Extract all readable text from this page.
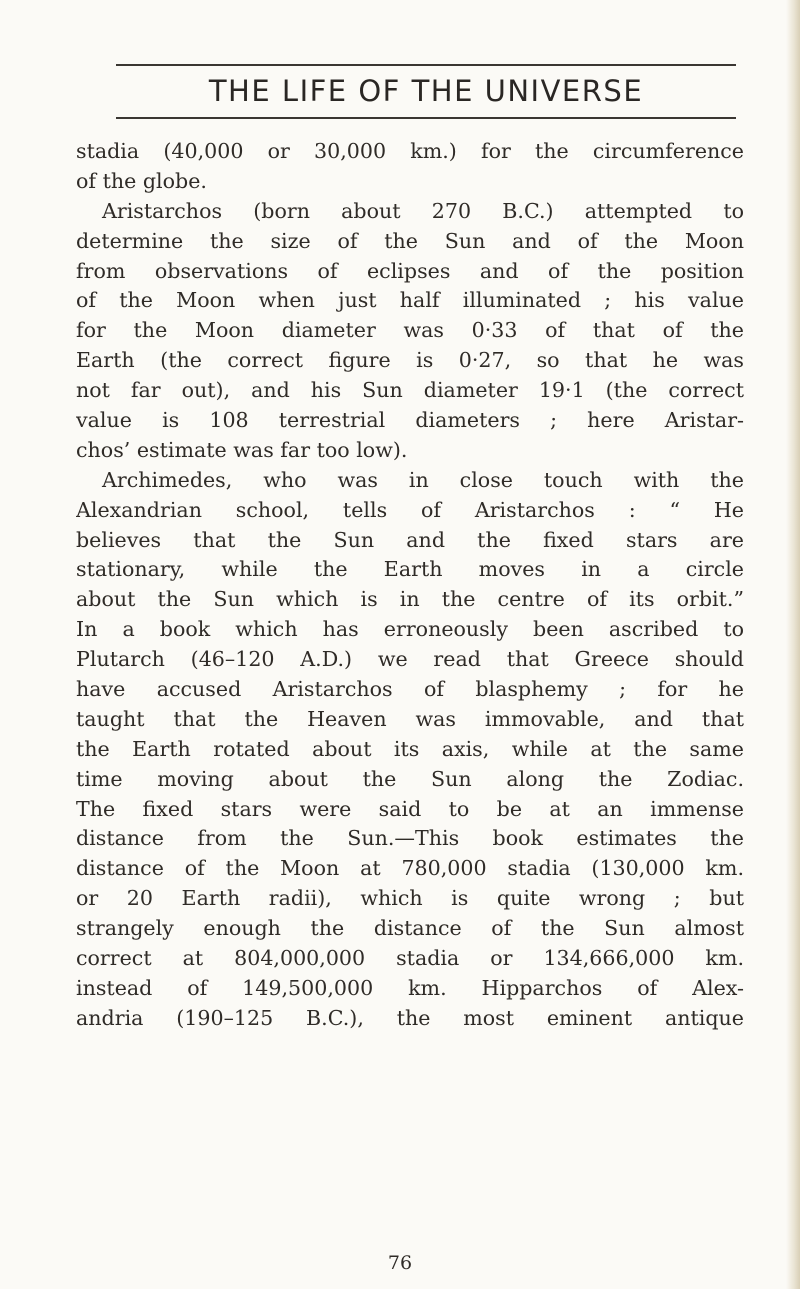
THE LIFE OF THE UNIVERSE
stadia (40,000 or 30,000 km.) for the circumference
of the globe.
Aristarchos (born about 270 B.C.) attempted to
determine the size of the Sun and of the Moon
from observations of eclipses and of the position
of the Moon when just half illuminated ; his value
for the Moon diameter was 0·33 of that of the
Earth (the correct figure is 0·27, so that he was
not far out), and his Sun diameter 19·1 (the correct
value is 108 terrestrial diameters ; here Aristar-
chos’ estimate was far too low).
Archimedes, who was in close touch with the
Alexandrian school, tells of Aristarchos : “ He
believes that the Sun and the fixed stars are
stationary, while the Earth moves in a circle
about the Sun which is in the centre of its orbit.”
In a book which has erroneously been ascribed to
Plutarch (46–120 A.D.) we read that Greece should
have accused Aristarchos of blasphemy ; for he
taught that the Heaven was immovable, and that
the Earth rotated about its axis, while at the same
time moving about the Sun along the Zodiac.
The fixed stars were said to be at an immense
distance from the Sun.—This book estimates the
distance of the Moon at 780,000 stadia (130,000 km.
or 20 Earth radii), which is quite wrong ; but
strangely enough the distance of the Sun almost
correct at 804,000,000 stadia or 134,666,000 km.
instead of 149,500,000 km. Hipparchos of Alex-
andria (190–125 B.C.), the most eminent antique
76
